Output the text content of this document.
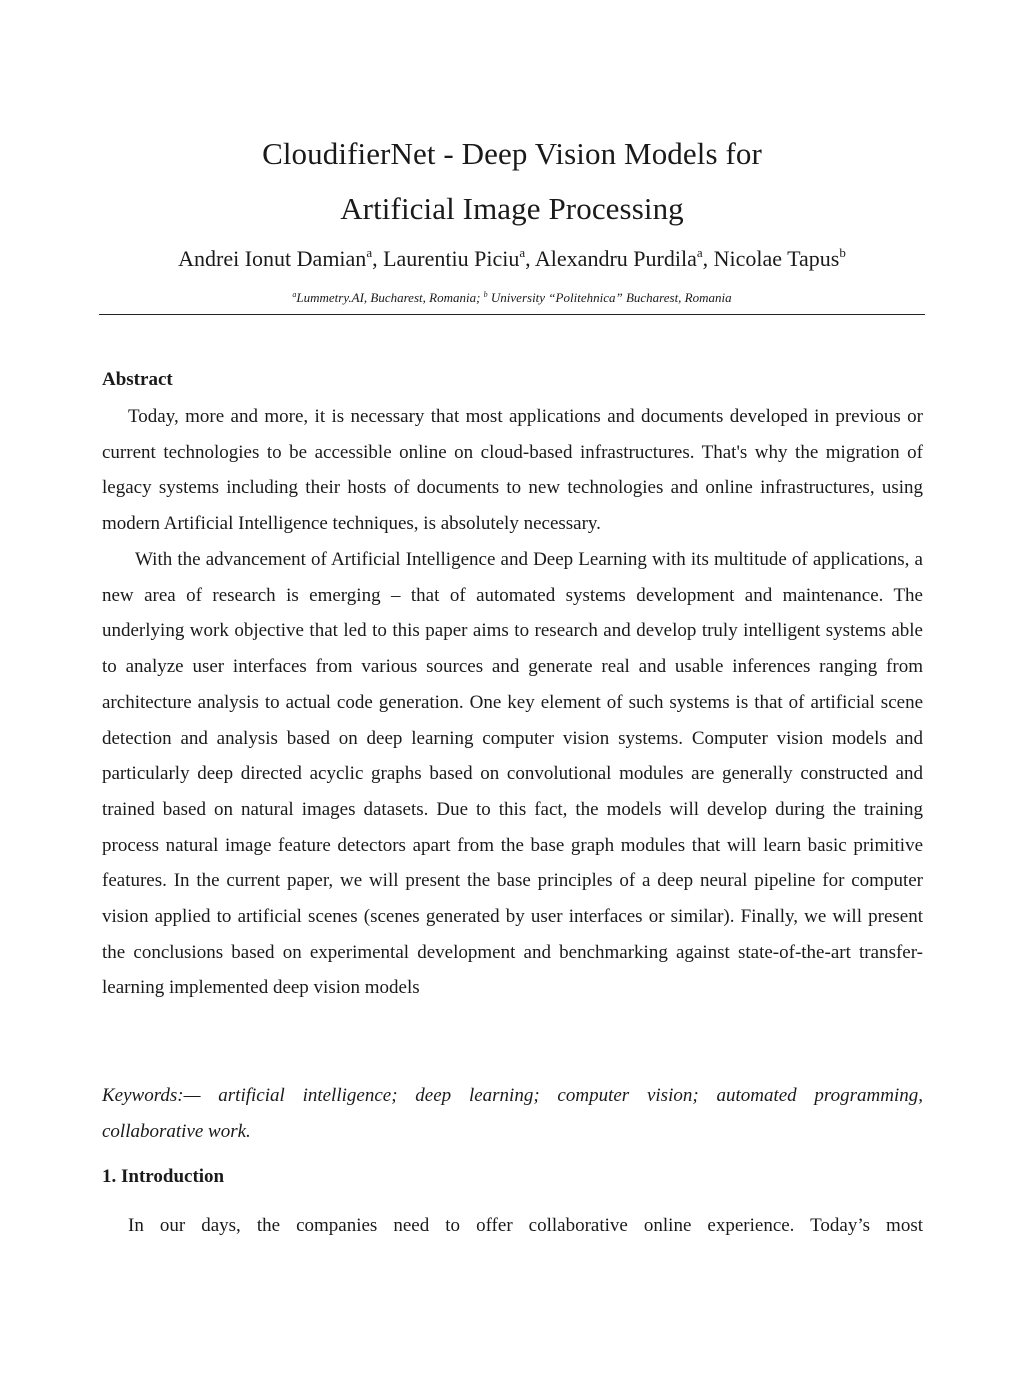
CloudifierNet - Deep Vision Models for
Artificial Image Processing
Andrei Ionut Damian$^a$, Laurentiu Piciu$^a$, Alexandru Purdila$^a$, Nicolae Tapus$^b$
$^a$Lummetry.AI, Bucharest, Romania; $^b$ University “Politehnica” Bucharest, Romania
Abstract
Today, more and more, it is necessary that most applications and documents developed in previous or current technologies to be accessible online on cloud-based infrastructures. That's why the migration of legacy systems including their hosts of documents to new technologies and online infrastructures, using modern Artificial Intelligence techniques, is absolutely necessary.
With the advancement of Artificial Intelligence and Deep Learning with its multitude of applications, a new area of research is emerging – that of automated systems development and maintenance. The underlying work objective that led to this paper aims to research and develop truly intelligent systems able to analyze user interfaces from various sources and generate real and usable inferences ranging from architecture analysis to actual code generation. One key element of such systems is that of artificial scene detection and analysis based on deep learning computer vision systems. Computer vision models and particularly deep directed acyclic graphs based on convolutional modules are generally constructed and trained based on natural images datasets. Due to this fact, the models will develop during the training process natural image feature detectors apart from the base graph modules that will learn basic primitive features. In the current paper, we will present the base principles of a deep neural pipeline for computer vision applied to artificial scenes (scenes generated by user interfaces or similar). Finally, we will present the conclusions based on experimental development and benchmarking against state-of-the-art transfer-learning implemented deep vision models
Keywords:— artificial intelligence; deep learning; computer vision; automated programming, collaborative work.
1. Introduction
In our days, the companies need to offer collaborative online experience. Today’s most
